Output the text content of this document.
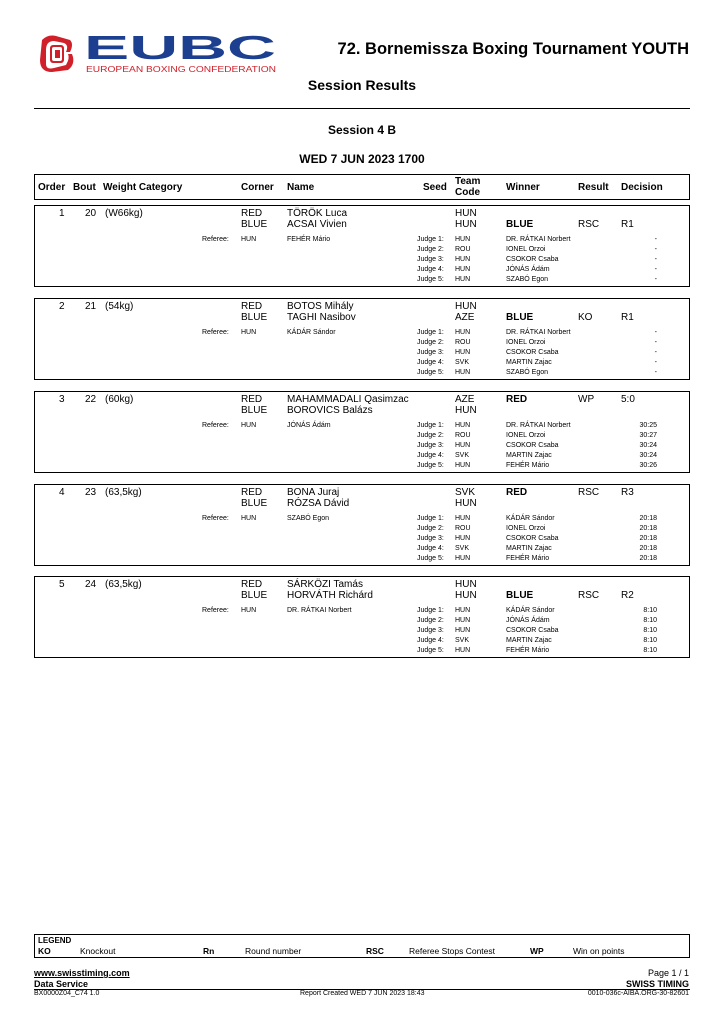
EUBC
EUROPEAN BOXING CONFEDERATION
72. Bornemissza Boxing Tournament YOUTH
Session Results
Session 4 B
WED 7 JUN 2023 1700
Order Bout Weight Category	Corner Name	Seed
Team
Code	Winner	Result Decision
1 20 (W66kg)	RED TÖRÖK Luca	HUN
BLUE ACSAI Vivien	HUN	BLUE	RSC R1
Referee: HUN	FEHÉR Mário	Judge 1: HUN	DR. RÁTKAI Norbert	-
Judge 2: ROU	IONEL Orzoi	-
Judge 3: HUN	CSOKOR Csaba	-
Judge 4: HUN	JÓNÁS Ádám	-
Judge 5: HUN	SZABÓ Egon	-
2 21 (54kg)	RED BOTOS Mihály	HUN
BLUE TAGHI Nasibov	AZE	BLUE	KO	R1
Referee: HUN	KÁDÁR Sándor	Judge 1: HUN	DR. RÁTKAI Norbert	-
Judge 2: ROU	IONEL Orzoi	-
Judge 3: HUN	CSOKOR Csaba	-
Judge 4: SVK	MARTIN Zajac	-
Judge 5: HUN	SZABÓ Egon	-
3 22 (60kg)	RED MAHAMMADALI Qasimzac	AZE
BLUE BOROVICS Balázs	HUN
RED	WP	5:0
Referee: HUN	JÓNÁS Ádám	Judge 1: HUN	DR. RÁTKAI Norbert	30:25
Judge 2: ROU	IONEL Orzoi	30:27
Judge 3: HUN	CSOKOR Csaba	30:24
Judge 4: SVK	MARTIN Zajac	30:24
Judge 5: HUN	FEHÉR Mário	30:26
4 23 (63,5kg)	RED BONA Juraj	SVK
BLUE RÓZSA Dávid	HUN
RED	RSC R3
Referee: HUN	SZABÓ Egon	Judge 1: HUN	KÁDÁR Sándor	20:18
Judge 2: ROU	IONEL Orzoi	20:18
Judge 3: HUN	CSOKOR Csaba	20:18
Judge 4: SVK	MARTIN Zajac	20:18
Judge 5: HUN	FEHÉR Mário	20:18
5 24 (63,5kg)	RED SÁRKÖZI Tamás	HUN
BLUE HORVÁTH Richárd	HUN	BLUE	RSC R2
Referee: HUN	DR. RÁTKAI Norbert	Judge 1: HUN	KÁDÁR Sándor	8:10
Judge 2: HUN	JÓNÁS Ádám	8:10
Judge 3: HUN	CSOKOR Csaba	8:10
Judge 4: SVK	MARTIN Zajac	8:10
Judge 5: HUN	FEHÉR Mário	8:10
LEGEND
KO	Knockout	Rn	Round number	RSC	Referee Stops Contest	WP	Win on points
www.swisstiming.com	Page 1 / 1
Data Service	SWISS TIMING
BX0000Z04_C74 1.0	Report Created WED 7 JUN 2023 18:43	0010-036c-AIBA.ORG-30-82601
